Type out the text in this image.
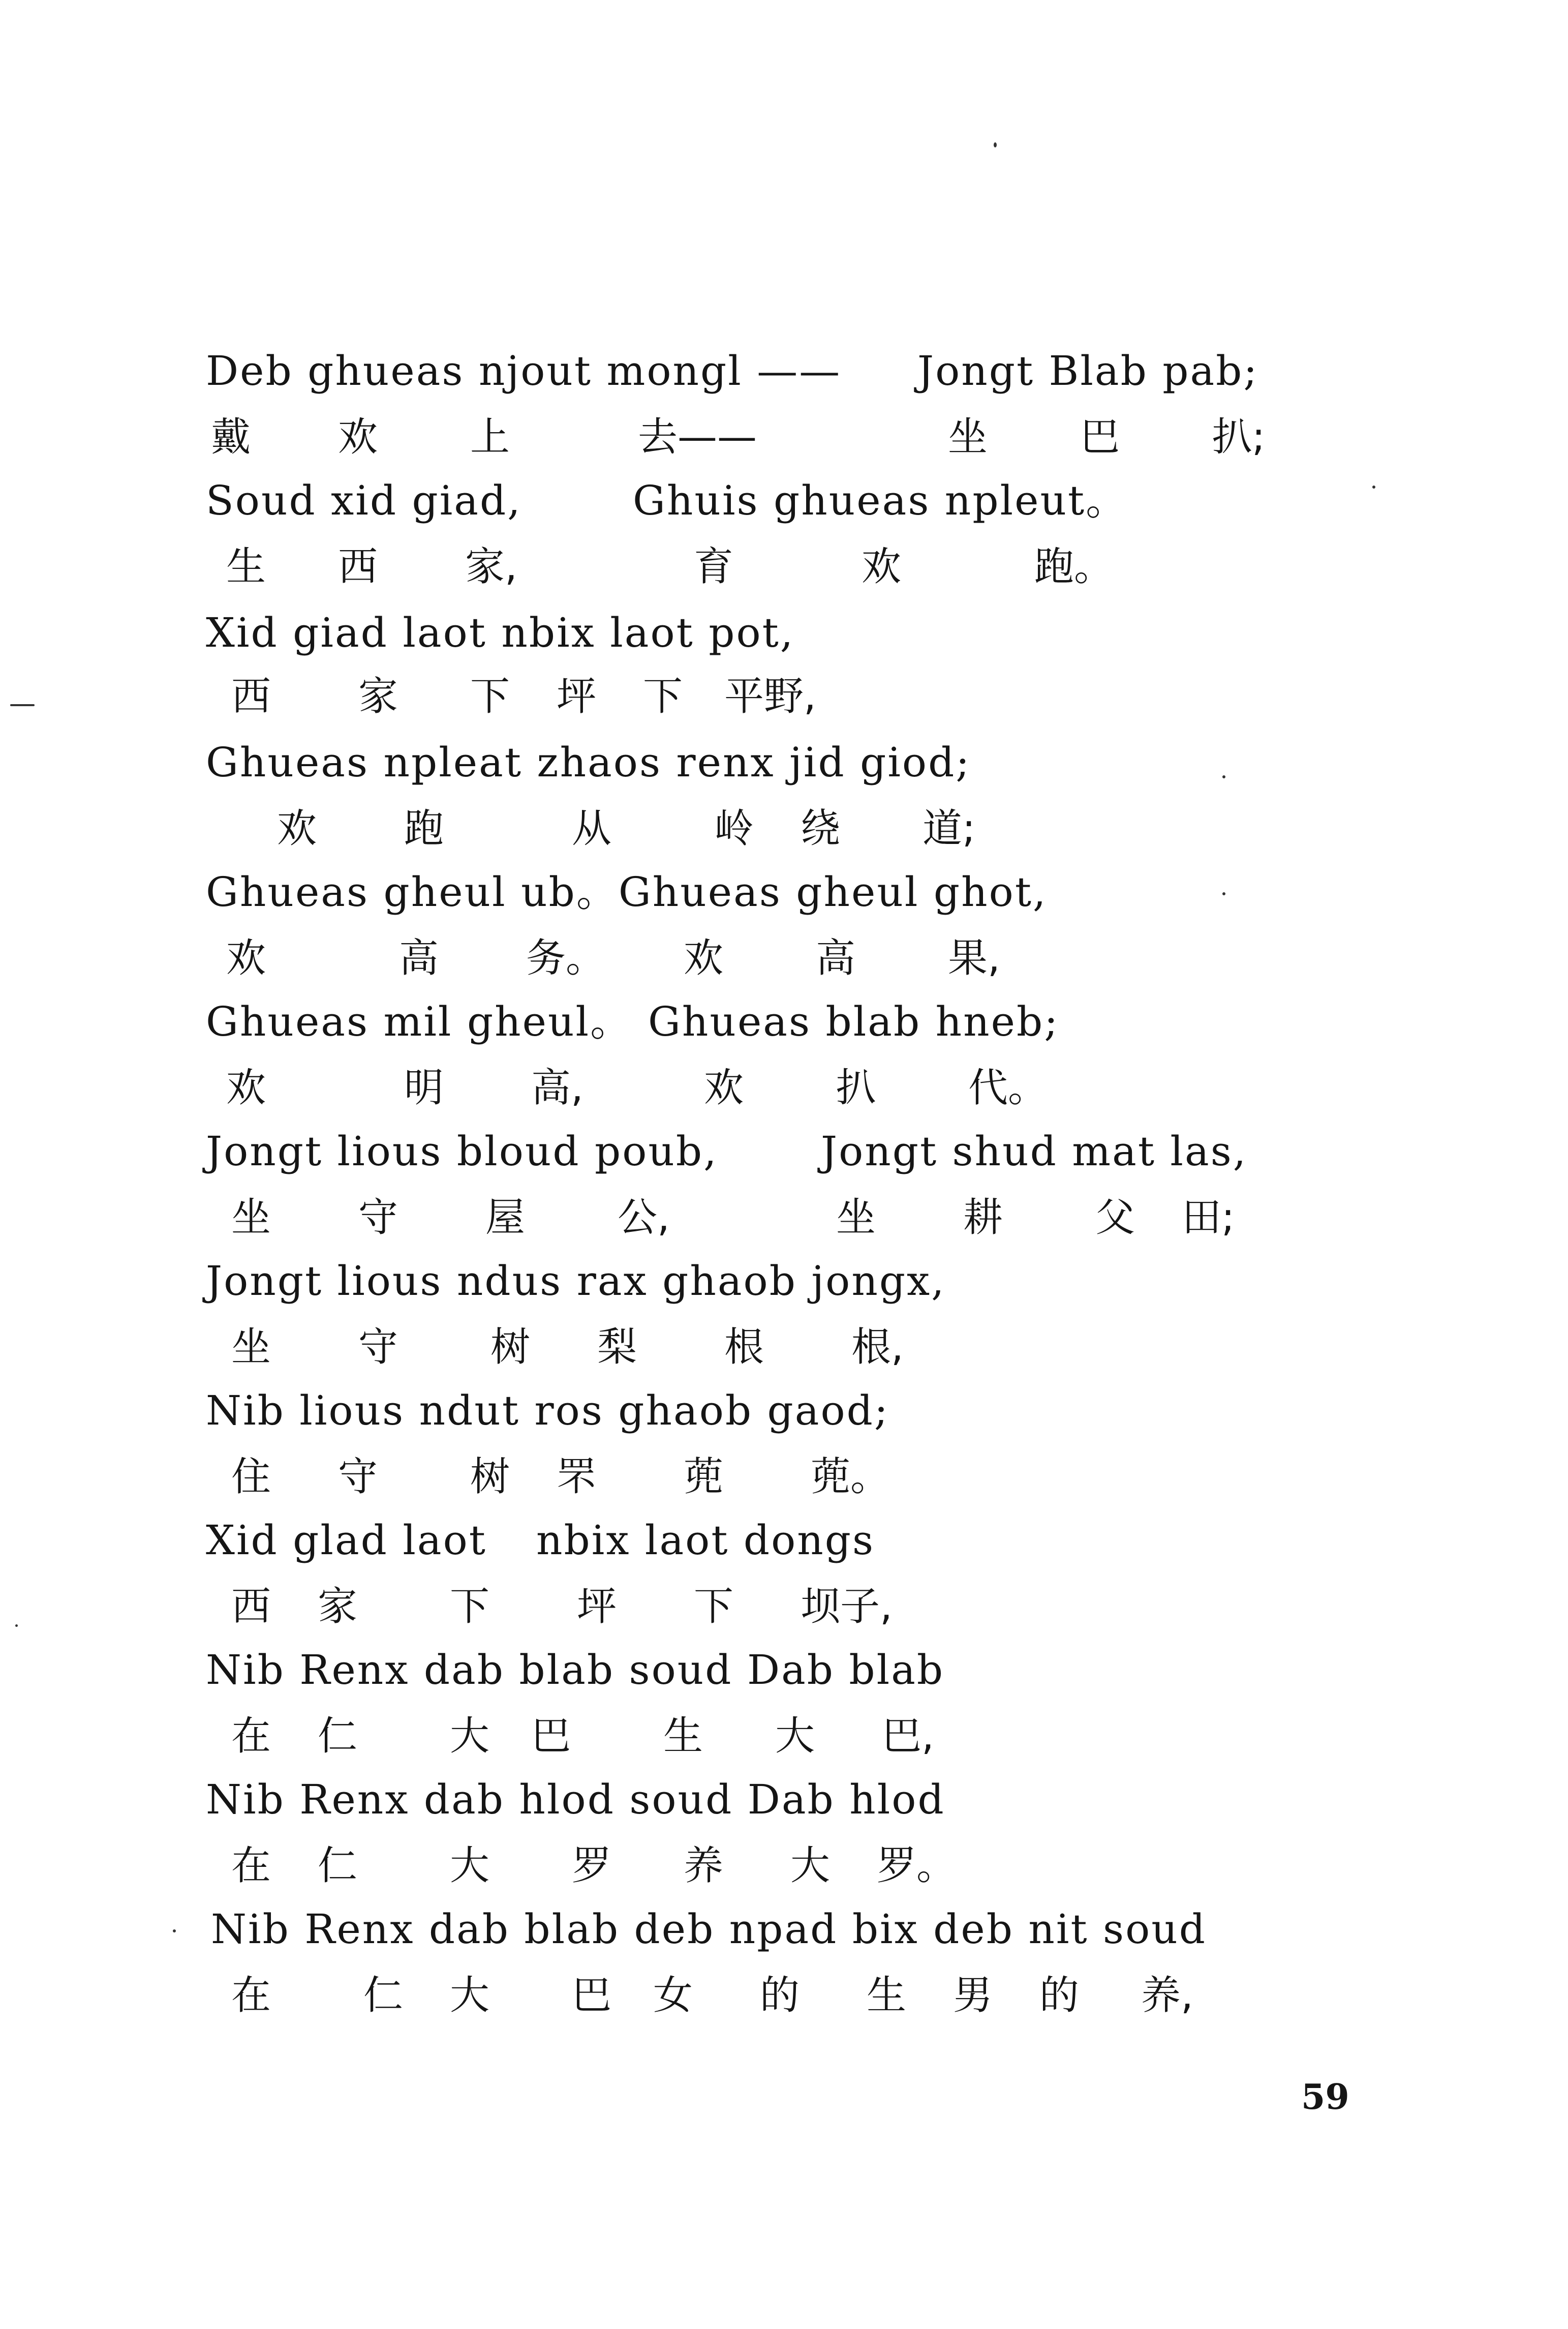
Deb ghueas njout mongl —— Jongt Blab pab;
戴 欢 上	去——	坐 巴 扒;
Soud xid giad,	Ghuis ghueas npleut。
生 西 家,	育	欢	跑。
Xid giad laot nbix laot pot,
西 家 下 坪 下 平野,
Ghueas npleat zhaos renx jid giod;
欢 跑	从	岭 绕 道;
Ghueas gheul ub。Ghueas gheul ghot,
欢	高 务。 欢 高 果,
Ghueas mil gheul。 Ghueas blab hneb;
欢	明 高,	欢 扒 代。
Jongt lious bloud poub,	Jongt shud mat las,
坐 守 屋 公,	坐 耕 父 田;
Jongt lious ndus rax ghaob jongx,
坐 守 树 梨 根 根,
Nib lious ndut ros ghaob gaod;
住 守 树 罘 蔸 蔸。
Xid glad laot nbix laot dongs
西 家 下 坪 下 坝子,
Nib Renx dab blab soud Dab blab
在 仁 大 巴 生 大 巴,
Nib Renx dab hlod soud Dab hlod
在 仁 大 罗 养 大 罗。
Nib Renx dab blab deb npad bix deb nit soud
在 仁 大 巴 女 的 生 男 的 养,
59
